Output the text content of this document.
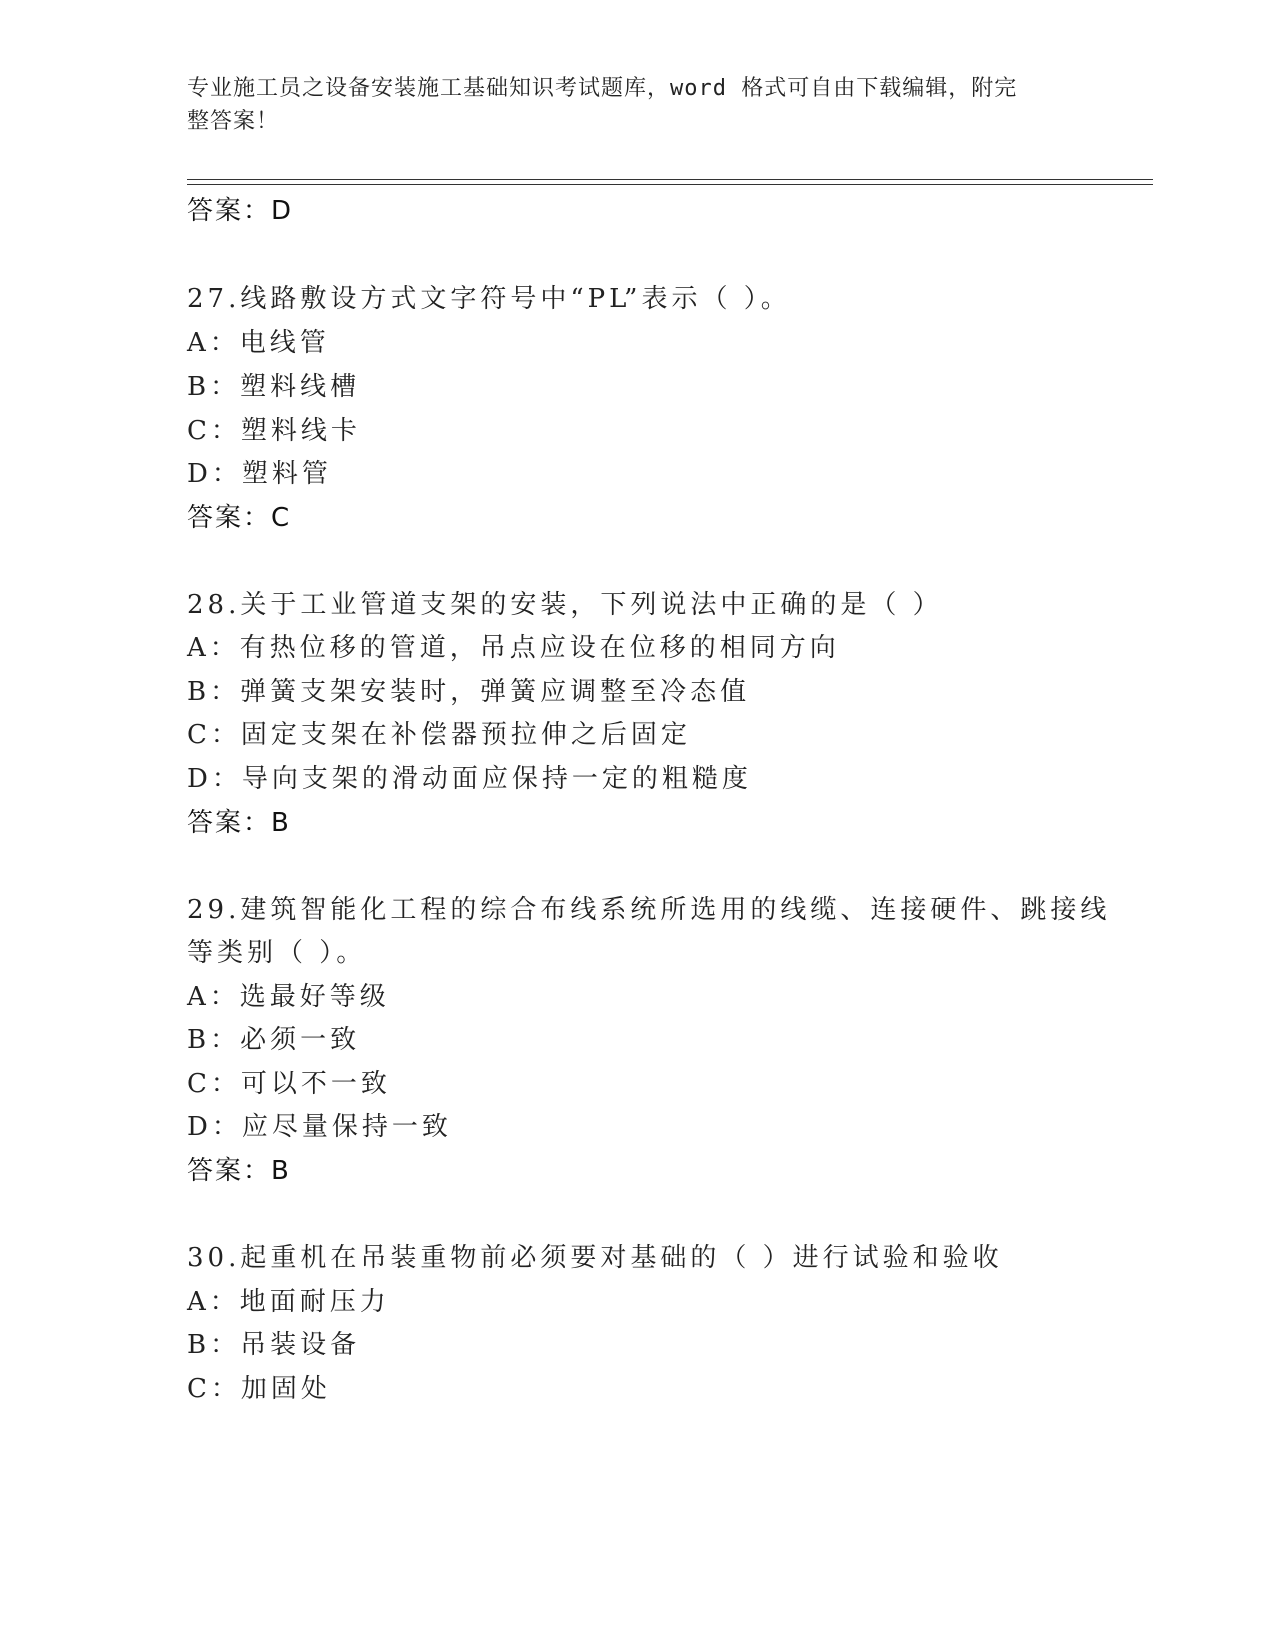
专业施工员之设备安装施工基础知识考试题库，word 格式可自由下载编辑，附完
整答案！
答案：D
27.线路敷设方式文字符号中“PL”表示（ ）。
A：电线管
B：塑料线槽
C：塑料线卡
D：塑料管
答案：C
28.关于工业管道支架的安装，下列说法中正确的是（ ）
A：有热位移的管道，吊点应设在位移的相同方向
B：弹簧支架安装时，弹簧应调整至冷态值
C：固定支架在补偿器预拉伸之后固定
D：导向支架的滑动面应保持一定的粗糙度
答案：B
29.建筑智能化工程的综合布线系统所选用的线缆、连接硬件、跳接线
等类别（ ）。
A：选最好等级
B：必须一致
C：可以不一致
D：应尽量保持一致
答案：B
30.起重机在吊装重物前必须要对基础的（ ）进行试验和验收
A：地面耐压力
B：吊装设备
C：加固处
